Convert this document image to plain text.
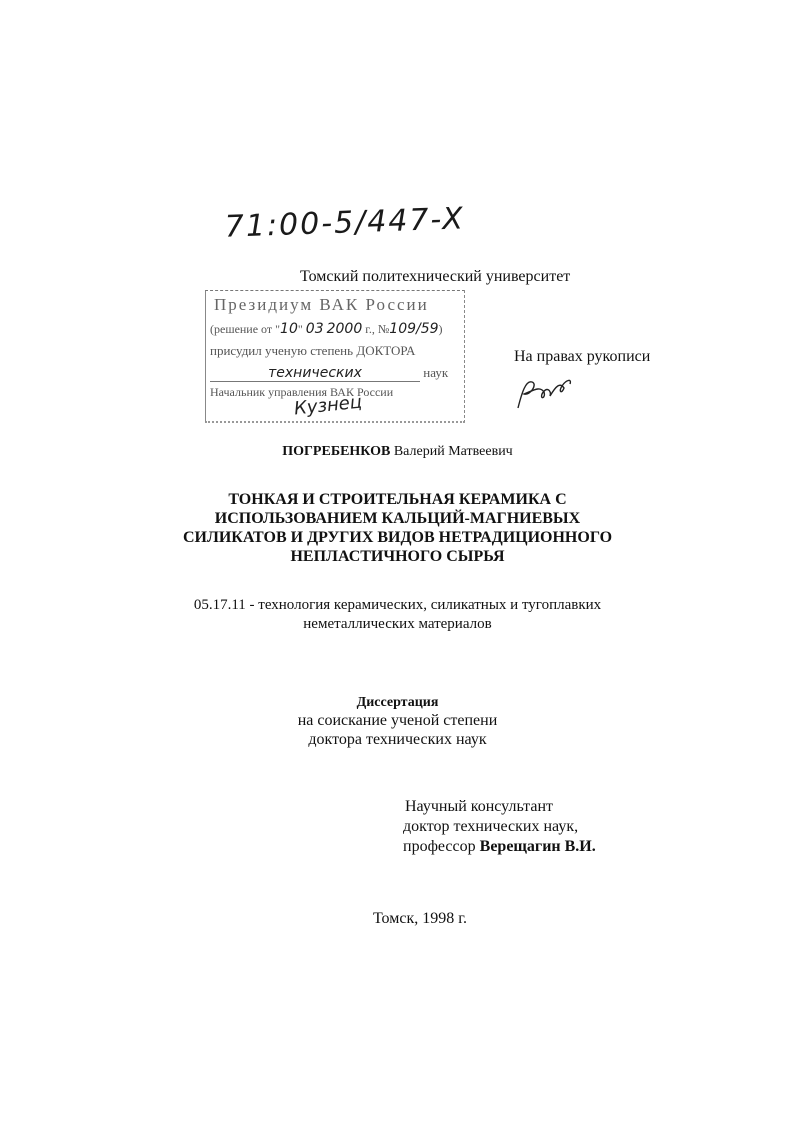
71:00-5/447-X
Томский политехнический университет
Президиум ВАК России
(решение от "10" 03 2000 г., №109/59)
присудил ученую степень ДОКТОРА
технических	наук
Начальник управления ВАК России
Кузнец
На правах рукописи
ПОГРЕБЕНКОВ Валерий Матвеевич
ТОНКАЯ И СТРОИТЕЛЬНАЯ КЕРАМИКА С
ИСПОЛЬЗОВАНИЕМ КАЛЬЦИЙ-МАГНИЕВЫХ
СИЛИКАТОВ И ДРУГИХ ВИДОВ НЕТРАДИЦИОННОГО
НЕПЛАСТИЧНОГО СЫРЬЯ
05.17.11 - технология керамических, силикатных и тугоплавких
неметаллических материалов
Диссертация
на соискание ученой степени
доктора технических наук
Научный консультант
доктор технических наук,
профессор Верещагин В.И.
Томск, 1998 г.
